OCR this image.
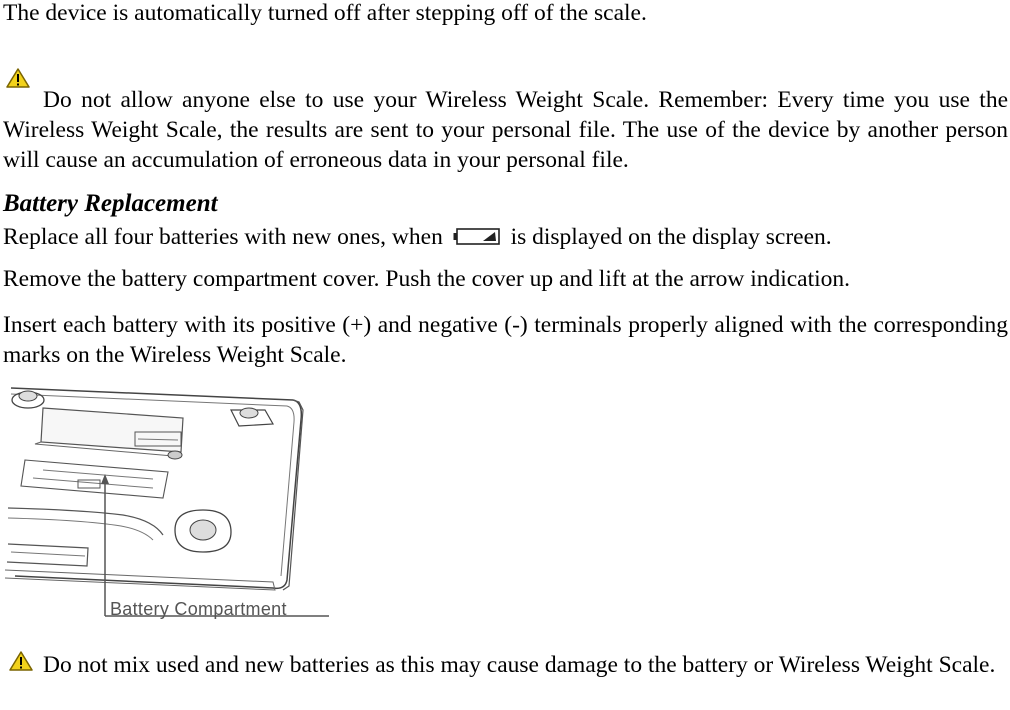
The device is automatically turned off after stepping off of the scale.

Do not allow anyone else to use your Wireless Weight Scale. Remember: Every time you use the Wireless Weight Scale, the results are sent to your personal file. The use of the device by another person will cause an accumulation of erroneous data in your personal file.

Battery Replacement

Replace all four batteries with new ones, when	is displayed on the display screen.

Remove the battery compartment cover. Push the cover up and lift at the arrow indication.

Insert each battery with its positive (+) and negative (-) terminals properly aligned with the corresponding marks on the Wireless Weight Scale.

Battery Compartment

Do not mix used and new batteries as this may cause damage to the battery or Wireless Weight Scale.
